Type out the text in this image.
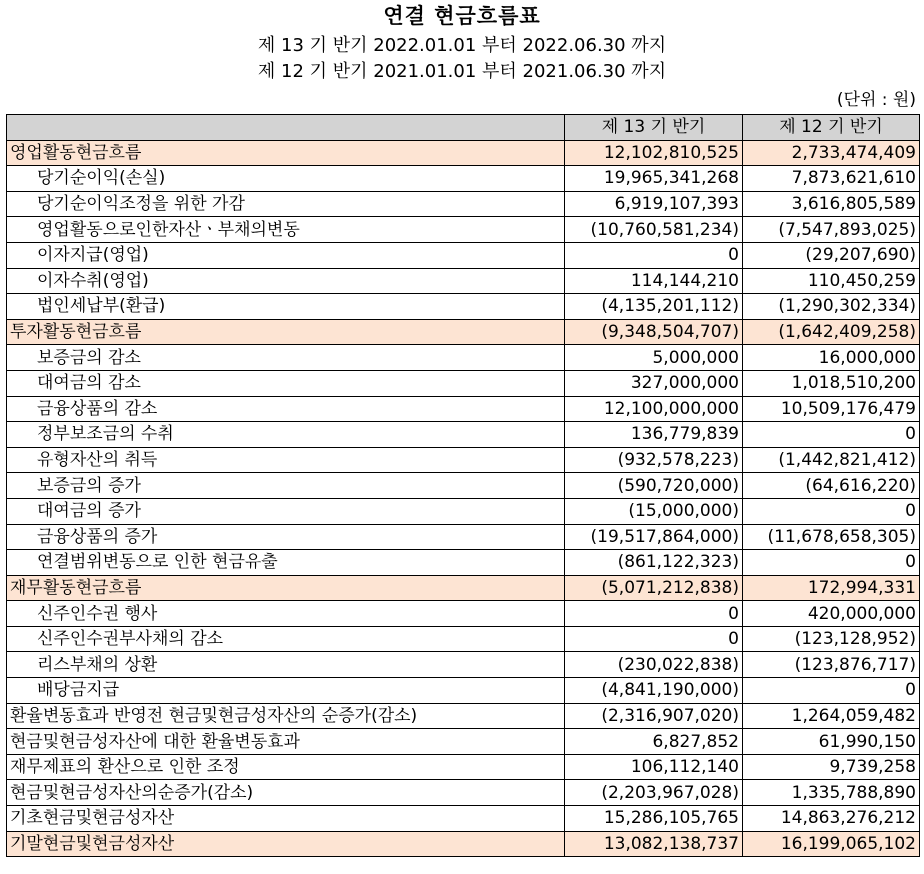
연결 현금흐름표
제 13 기 반기 2022.01.01 부터 2022.06.30 까지
제 12 기 반기 2021.01.01 부터 2021.06.30 까지
(단위 : 원)
	제 13 기 반기	제 12 기 반기
영업활동현금흐름	12,102,810,525	2,733,474,409
당기순이익(손실)	19,965,341,268	7,873,621,610
당기순이익조정을 위한 가감	6,919,107,393	3,616,805,589
영업활동으로인한자산ㆍ부채의변동	(10,760,581,234)	(7,547,893,025)
이자지급(영업)	0	(29,207,690)
이자수취(영업)	114,144,210	110,450,259
법인세납부(환급)	(4,135,201,112)	(1,290,302,334)
투자활동현금흐름	(9,348,504,707)	(1,642,409,258)
보증금의 감소	5,000,000	16,000,000
대여금의 감소	327,000,000	1,018,510,200
금융상품의 감소	12,100,000,000	10,509,176,479
정부보조금의 수취	136,779,839	0
유형자산의 취득	(932,578,223)	(1,442,821,412)
보증금의 증가	(590,720,000)	(64,616,220)
대여금의 증가	(15,000,000)	0
금융상품의 증가	(19,517,864,000)	(11,678,658,305)
연결범위변동으로 인한 현금유출	(861,122,323)	0
재무활동현금흐름	(5,071,212,838)	172,994,331
신주인수권 행사	0	420,000,000
신주인수권부사채의 감소	0	(123,128,952)
리스부채의 상환	(230,022,838)	(123,876,717)
배당금지급	(4,841,190,000)	0
환율변동효과 반영전 현금및현금성자산의 순증가(감소)	(2,316,907,020)	1,264,059,482
현금및현금성자산에 대한 환율변동효과	6,827,852	61,990,150
재무제표의 환산으로 인한 조정	106,112,140	9,739,258
현금및현금성자산의순증가(감소)	(2,203,967,028)	1,335,788,890
기초현금및현금성자산	15,286,105,765	14,863,276,212
기말현금및현금성자산	13,082,138,737	16,199,065,102
